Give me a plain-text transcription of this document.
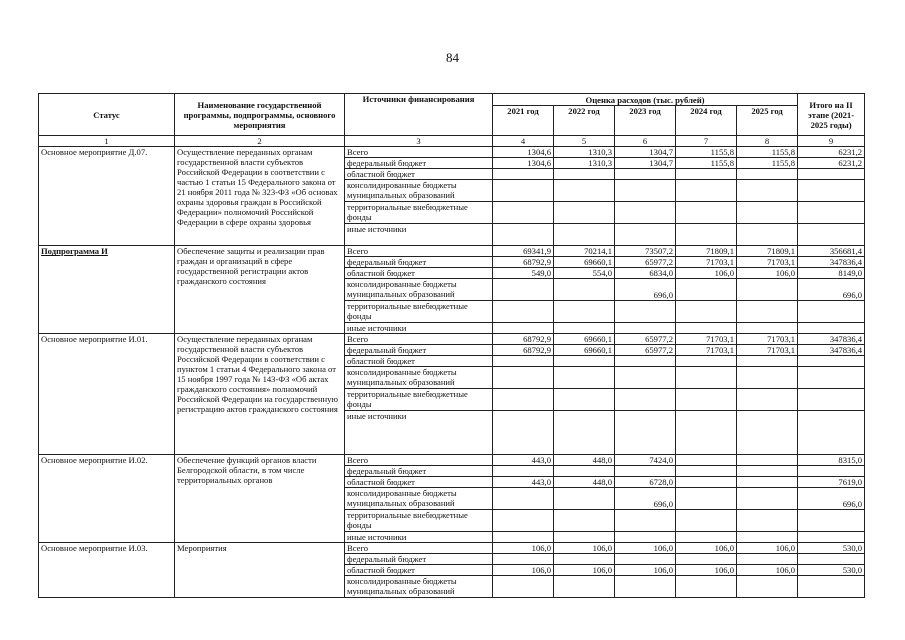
84
Статус	Наименование государственной программы, подпрограммы, основного мероприятия	Источники финансирования	Оценка расходов (тыс. рублей)					Итого на II этапе (2021-2025 годы)
			2021 год	2022 год	2023 год	2024 год	2025 год	
1	2	3	4	5	6	7	8	9
Основное мероприятие Д.07.	Осуществление переданных органам государственной власти субъектов Российской Федерации в соответствии с частью 1 статьи 15 Федерального закона от 21 ноября 2011 года № 323-ФЗ «Об основах охраны здоровья граждан в Российской Федерации» полномочий Российской Федерации в сфере охраны здоровья	Всего	1304,6	1310,3	1304,7	1155,8	1155,8	6231,2
		федеральный бюджет	1304,6	1310,3	1304,7	1155,8	1155,8	6231,2
		областной бюджет						
		консолидированные бюджеты муниципальных образований						
		территориальные внебюджетные фонды						
		иные источники						
Подпрограмма И	Обеспечение защиты и реализации прав граждан и организаций в сфере государственной регистрации актов гражданского состояния	Всего	69341,9	70214,1	73507,2	71809,1	71809,1	356681,4
		федеральный бюджет	68792,9	69660,1	65977,2	71703,1	71703,1	347836,4
		областной бюджет	549,0	554,0	6834,0	106,0	106,0	8149,0
		консолидированные бюджеты муниципальных образований			696,0			696,0
		территориальные внебюджетные фонды						
		иные источники						
Основное мероприятие И.01.	Осуществление переданных органам государственной власти субъектов Российской Федерации в соответствии с пунктом 1 статьи 4 Федерального закона от 15 ноября 1997 года № 143-ФЗ «Об актах гражданского состояния» полномочий Российской Федерации на государственную регистрацию актов гражданского состояния	Всего	68792,9	69660,1	65977,2	71703,1	71703,1	347836,4
		федеральный бюджет	68792,9	69660,1	65977,2	71703,1	71703,1	347836,4
		областной бюджет						
		консолидированные бюджеты муниципальных образований						
		территориальные внебюджетные фонды						
		иные источники						
Основное мероприятие И.02.	Обеспечение функций органов власти Белгородской области, в том числе территориальных органов	Всего	443,0	448,0	7424,0			8315,0
		федеральный бюджет						
		областной бюджет	443,0	448,0	6728,0			7619,0
		консолидированные бюджеты муниципальных образований			696,0			696,0
		территориальные внебюджетные фонды						
		иные источники						
Основное мероприятие И.03.	Мероприятия	Всего	106,0	106,0	106,0	106,0	106,0	530,0
		федеральный бюджет						
		областной бюджет	106,0	106,0	106,0	106,0	106,0	530,0
		консолидированные бюджеты муниципальных образований						
